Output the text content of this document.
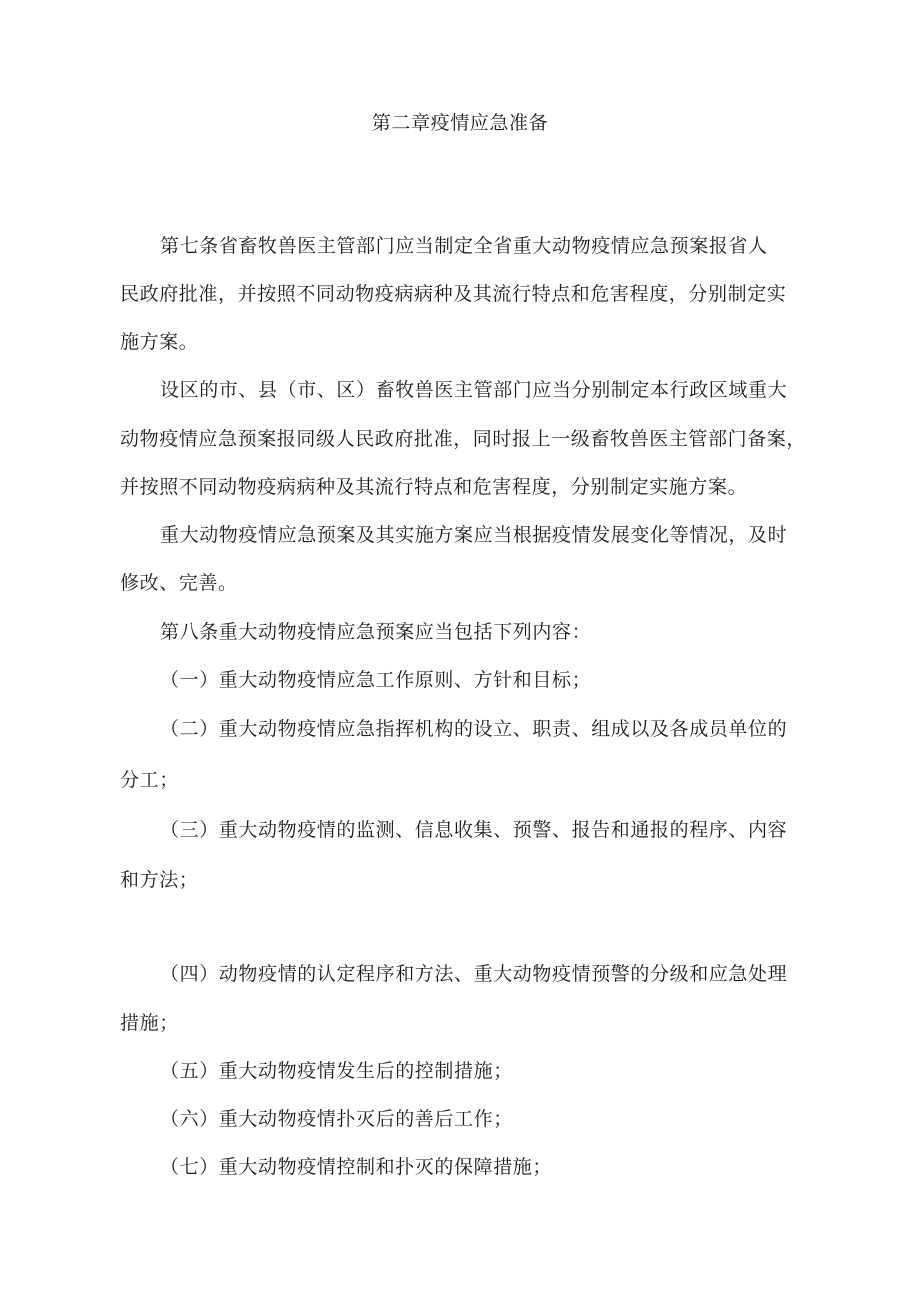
第二章疫情应急准备
第七条省畜牧兽医主管部门应当制定全省重大动物疫情应急预案报省人
民政府批准，并按照不同动物疫病病种及其流行特点和危害程度，分别制定实
施方案。
设区的市、县（市、区）畜牧兽医主管部门应当分别制定本行政区域重大
动物疫情应急预案报同级人民政府批准，同时报上一级畜牧兽医主管部门备案，
并按照不同动物疫病病种及其流行特点和危害程度，分别制定实施方案。
重大动物疫情应急预案及其实施方案应当根据疫情发展变化等情况，及时
修改、完善。
第八条重大动物疫情应急预案应当包括下列内容：
（一）重大动物疫情应急工作原则、方针和目标；
（二）重大动物疫情应急指挥机构的设立、职责、组成以及各成员单位的
分工；
（三）重大动物疫情的监测、信息收集、预警、报告和通报的程序、内容
和方法；
（四）动物疫情的认定程序和方法、重大动物疫情预警的分级和应急处理
措施；
（五）重大动物疫情发生后的控制措施；
（六）重大动物疫情扑灭后的善后工作；
（七）重大动物疫情控制和扑灭的保障措施；
